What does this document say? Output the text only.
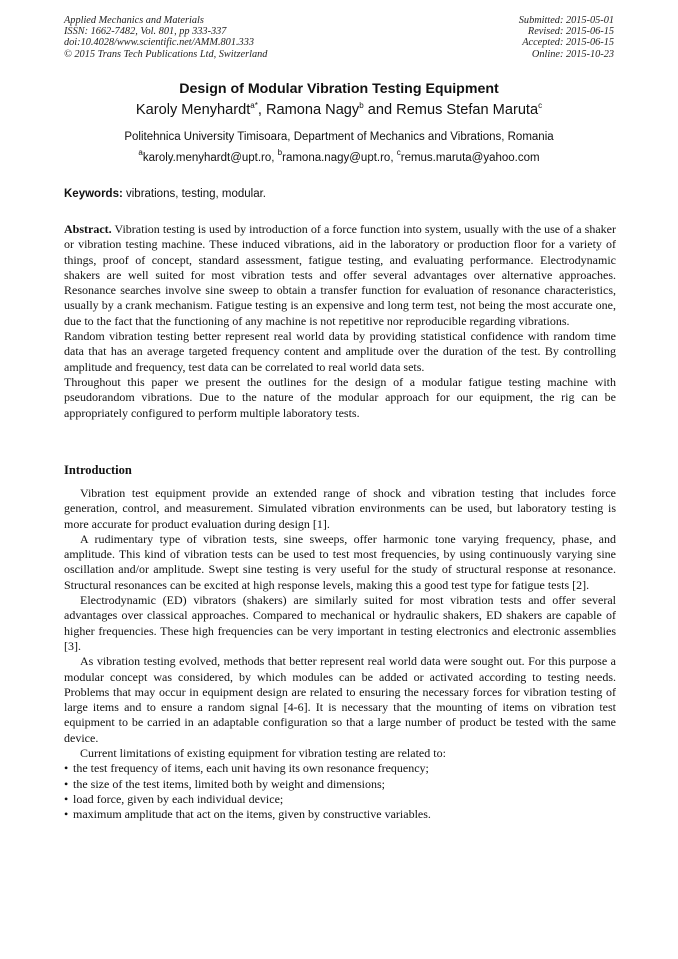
Applied Mechanics and Materials
ISSN: 1662-7482, Vol. 801, pp 333-337
doi:10.4028/www.scientific.net/AMM.801.333
© 2015 Trans Tech Publications Ltd, Switzerland
Submitted: 2015-05-01
Revised: 2015-06-15
Accepted: 2015-06-15
Online: 2015-10-23
Design of Modular Vibration Testing Equipment
Karoly Menyhardt$^{a*}$, Ramona Nagy$^b$ and Remus Stefan Maruta$^c$
Politehnica University Timisoara, Department of Mechanics and Vibrations, Romania
$^a$karoly.menyhardt@upt.ro, $^b$ramona.nagy@upt.ro, $^c$remus.maruta@yahoo.com
Keywords: vibrations, testing, modular.

Abstract. Vibration testing is used by introduction of a force function into system, usually with the use of a shaker or vibration testing machine. These induced vibrations, aid in the laboratory or production floor for a variety of things, proof of concept, standard assessment, fatigue testing, and evaluating performance. Electrodynamic shakers are well suited for most vibration tests and offer several advantages over alternative approaches. Resonance searches involve sine sweep to obtain a transfer function for evaluation of resonance characteristics, usually by a crank mechanism. Fatigue testing is an expensive and long term test, not being the most accurate one, due to the fact that the functioning of any machine is not repetitive nor reproducible regarding vibrations.

Random vibration testing better represent real world data by providing statistical confidence with random time data that has an average targeted frequency content and amplitude over the duration of the test. By controlling amplitude and frequency, test data can be correlated to real world data sets.

Throughout this paper we present the outlines for the design of a modular fatigue testing machine with pseudorandom vibrations. Due to the nature of the modular approach for our equipment, the rig can be appropriately configured to perform multiple laboratory tests.

Introduction

Vibration test equipment provide an extended range of shock and vibration testing that includes force generation, control, and measurement. Simulated vibration environments can be used, but laboratory testing is more accurate for product evaluation during design [1].

A rudimentary type of vibration tests, sine sweeps, offer harmonic tone varying frequency, phase, and amplitude. This kind of vibration tests can be used to test most frequencies, by using continuously varying sine oscillation and/or amplitude. Swept sine testing is very useful for the study of structural response at resonance. Structural resonances can be excited at high response levels, making this a good test type for fatigue tests [2].

Electrodynamic (ED) vibrators (shakers) are similarly suited for most vibration tests and offer several advantages over classical approaches. Compared to mechanical or hydraulic shakers, ED shakers are capable of higher frequencies. These high frequencies can be very important in testing electronics and electronic assemblies [3].

As vibration testing evolved, methods that better represent real world data were sought out. For this purpose a modular concept was considered, by which modules can be added or activated according to testing needs. Problems that may occur in equipment design are related to ensuring the necessary forces for vibration testing of large items and to ensure a random signal [4-6]. It is necessary that the mounting of items on vibration test equipment to be carried in an adaptable configuration so that a large number of product be tested with the same device.

Current limitations of existing equipment for vibration testing are related to:

• the test frequency of items, each unit having its own resonance frequency;
• the size of the test items, limited both by weight and dimensions;
• load force, given by each individual device;
• maximum amplitude that act on the items, given by constructive variables.
